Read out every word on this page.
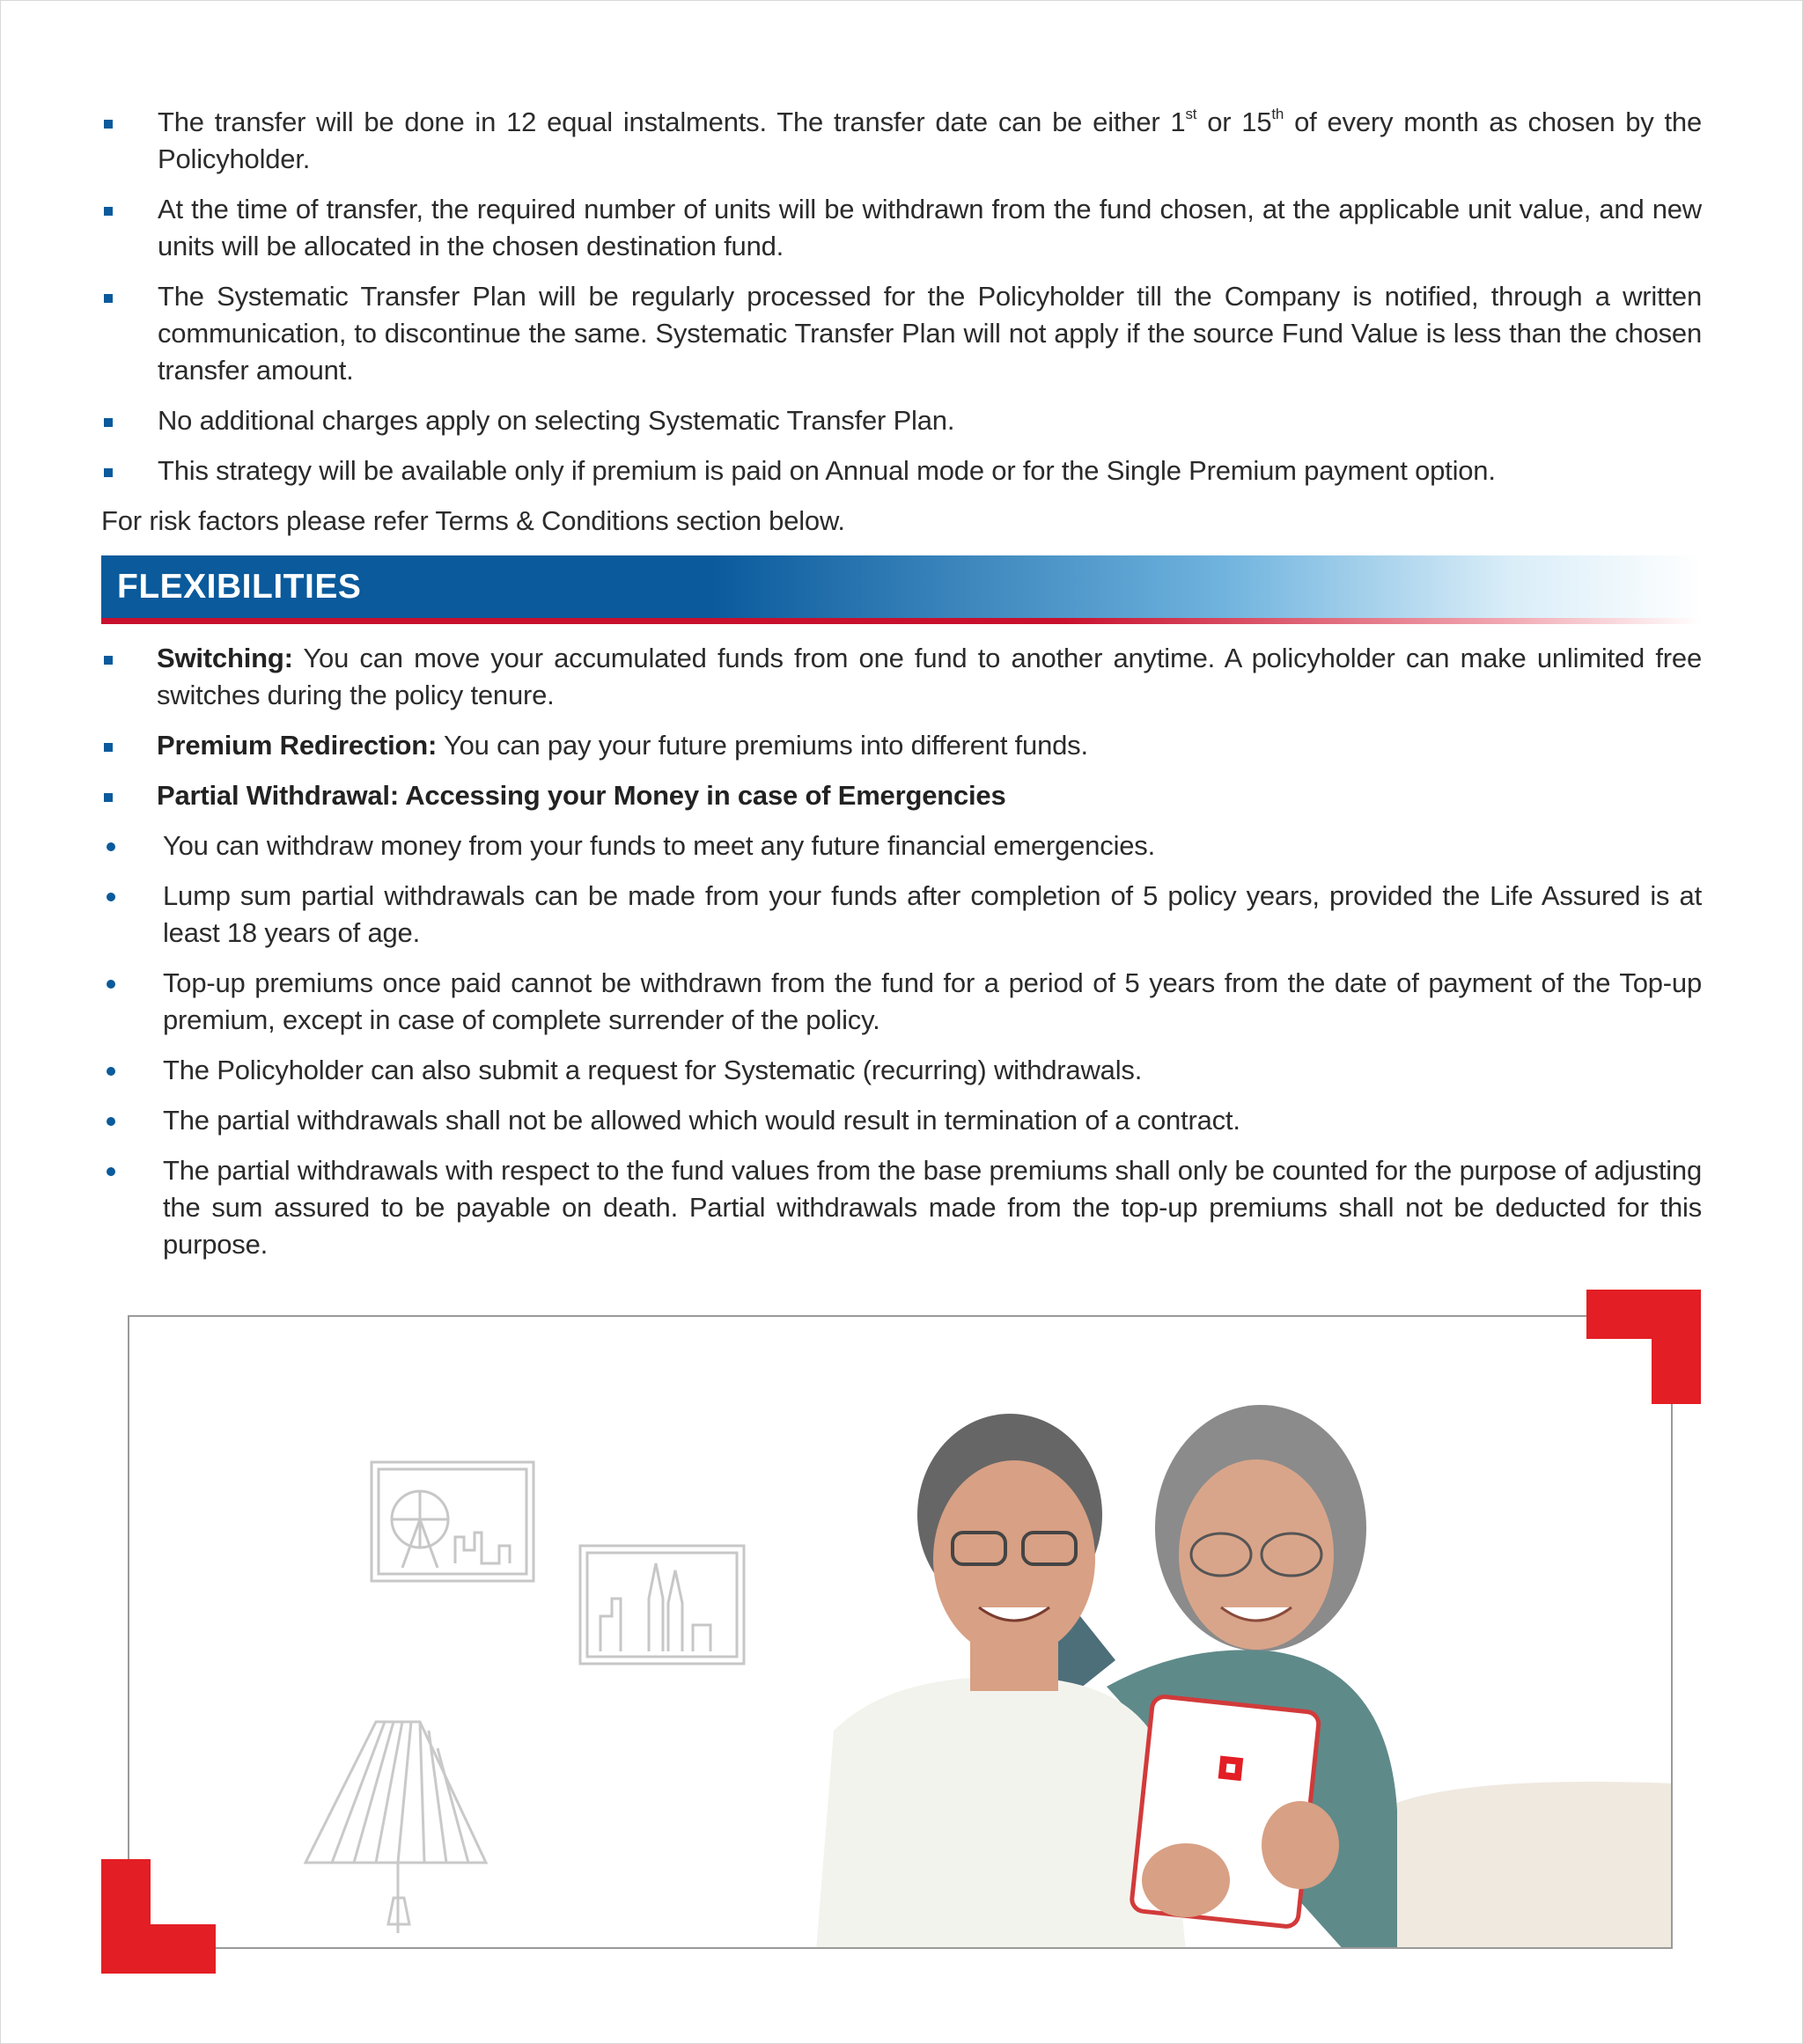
The transfer will be done in 12 equal instalments. The transfer date can be either 1st or 15th of every month as chosen by the Policyholder.
At the time of transfer, the required number of units will be withdrawn from the fund chosen, at the applicable unit value, and new units will be allocated in the chosen destination fund.
The Systematic Transfer Plan will be regularly processed for the Policyholder till the Company is notified, through a written communication, to discontinue the same. Systematic Transfer Plan will not apply if the source Fund Value is less than the chosen transfer amount.
No additional charges apply on selecting Systematic Transfer Plan.
This strategy will be available only if premium is paid on Annual mode or for the Single Premium payment option.

For risk factors please refer Terms & Conditions section below.

FLEXIBILITIES
Switching: You can move your accumulated funds from one fund to another anytime. A policyholder can make unlimited free switches during the policy tenure.
Premium Redirection: You can pay your future premiums into different funds.
Partial Withdrawal: Accessing your Money in case of Emergencies
You can withdraw money from your funds to meet any future financial emergencies.
Lump sum partial withdrawals can be made from your funds after completion of 5 policy years, provided the Life Assured is at least 18 years of age.
Top-up premiums once paid cannot be withdrawn from the fund for a period of 5 years from the date of payment of the Top-up premium, except in case of complete surrender of the policy.
The Policyholder can also submit a request for Systematic (recurring) withdrawals.
The partial withdrawals shall not be allowed which would result in termination of a contract.
The partial withdrawals with respect to the fund values from the base premiums shall only be counted for the purpose of adjusting the sum assured to be payable on death. Partial withdrawals made from the top-up premiums shall not be deducted for this purpose.
